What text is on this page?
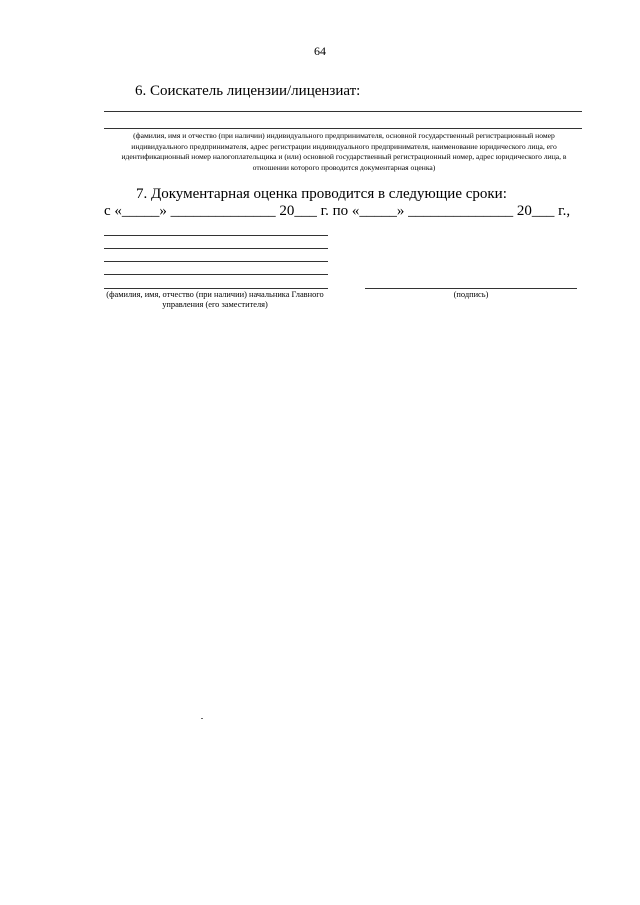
64
6. Соискатель лицензии/лицензиат:
(фамилия, имя и отчество (при наличии) индивидуального предпринимателя, основной государственный регистрационный номер индивидуального предпринимателя, адрес регистрации индивидуального предпринимателя, наименование юридического лица, его идентификационный номер налогоплательщика и (или) основной государственный регистрационный номер, адрес юридического лица, в отношении которого проводится документарная оценка)
7. Документарная оценка проводится в следующие сроки:
с «_____» ______________ 20___ г. по «_____» ______________ 20___ г.,
(фамилия, имя, отчество (при наличии) начальника Главного управления (его заместителя)
(подпись)
